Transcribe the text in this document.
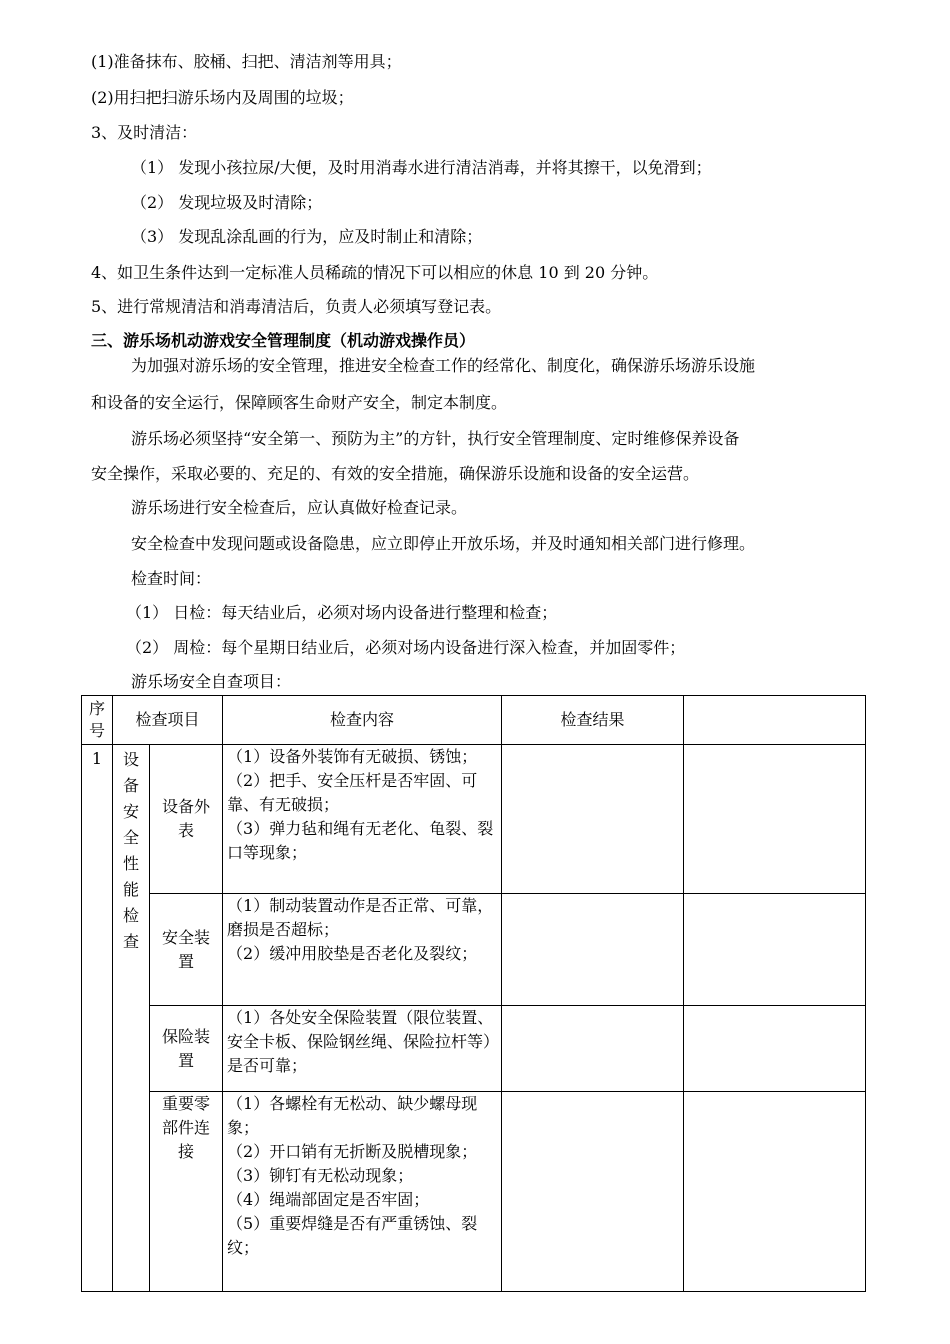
(1)准备抹布、胶桶、扫把、清洁剂等用具；
(2)用扫把扫游乐场内及周围的垃圾；
3、及时清洁：
（1） 发现小孩拉尿/大便，及时用消毒水进行清洁消毒，并将其擦干，以免滑到；
（2） 发现垃圾及时清除；
（3） 发现乱涂乱画的行为，应及时制止和清除；
4、如卫生条件达到一定标准人员稀疏的情况下可以相应的休息 10 到 20 分钟。
5、进行常规清洁和消毒清洁后，负责人必须填写登记表。
三、游乐场机动游戏安全管理制度（机动游戏操作员）
为加强对游乐场的安全管理，推进安全检查工作的经常化、制度化，确保游乐场游乐设施
和设备的安全运行，保障顾客生命财产安全，制定本制度。
游乐场必须坚持“安全第一、预防为主”的方针，执行安全管理制度、定时维修保养设备
安全操作，采取必要的、充足的、有效的安全措施，确保游乐设施和设备的安全运营。
游乐场进行安全检查后，应认真做好检查记录。
安全检查中发现问题或设备隐患，应立即停止开放乐场，并及时通知相关部门进行修理。
检查时间：
（1） 日检：每天结业后，必须对场内设备进行整理和检查；
（2） 周检：每个星期日结业后，必须对场内设备进行深入检查，并加固零件；
游乐场安全自查项目：
序号	检查项目		检查内容	检查结果	
1	设备安全性能检查	设备外表	（1）设备外装饰有无破损、锈蚀；
（2）把手、安全压杆是否牢固、可靠、有无破损；
（3）弹力毡和绳有无老化、龟裂、裂口等现象；		
		安全装置	（1）制动装置动作是否正常、可靠，磨损是否超标；
（2）缓冲用胶垫是否老化及裂纹；		
		保险装置	（1）各处安全保险装置（限位装置、安全卡板、保险钢丝绳、保险拉杆等）是否可靠；		
		重要零部件连接	（1）各螺栓有无松动、缺少螺母现象；
（2）开口销有无折断及脱槽现象；
（3）铆钉有无松动现象；
（4）绳端部固定是否牢固；
（5）重要焊缝是否有严重锈蚀、裂纹；		
